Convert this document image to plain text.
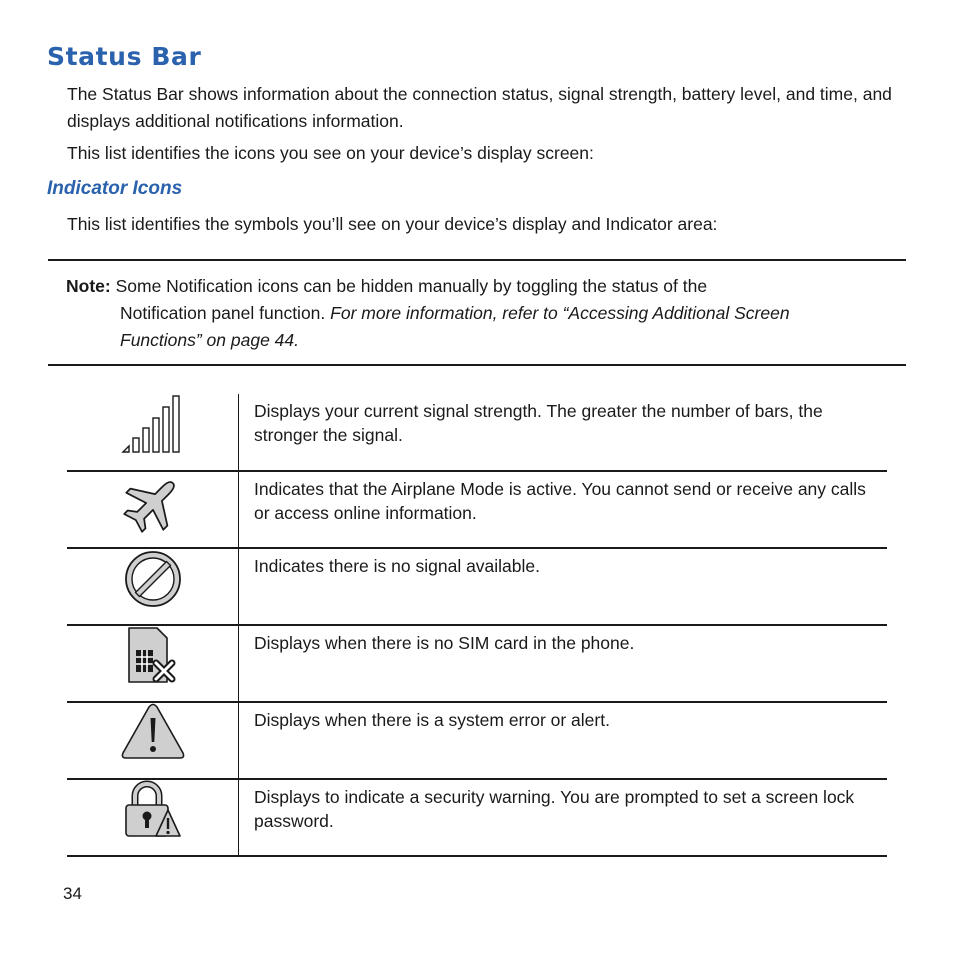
Status Bar

The Status Bar shows information about the connection status, signal strength, battery level, and time, and displays additional notifications information.

This list identifies the icons you see on your device’s display screen:

Indicator Icons

This list identifies the symbols you’ll see on your device’s display and Indicator area:

Note: Some Notification icons can be hidden manually by toggling the status of the
Notification panel function. For more information, refer to “Accessing Additional Screen Functions” on page 44.
	Displays your current signal strength. The greater the number of bars, the stronger the signal.

	Indicates that the Airplane Mode is active. You cannot send or receive any calls or access online information.

	Indicates there is no signal available.

	Displays when there is no SIM card in the phone.

	Displays when there is a system error or alert.

	Displays to indicate a security warning. You are prompted to set a screen lock password.
34
